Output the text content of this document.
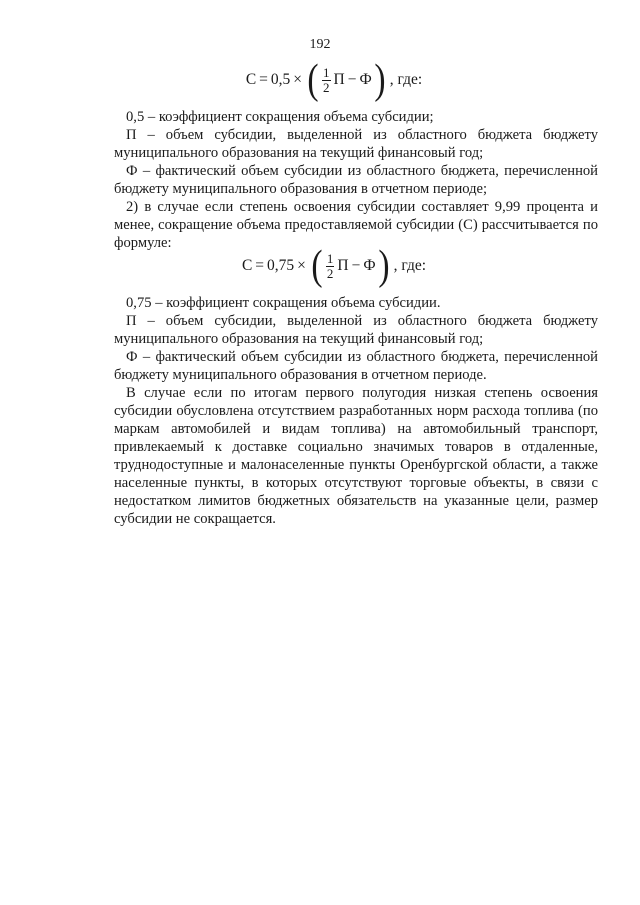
192
C = 0,5 × ( $\frac{1}{2}$ П − Ф ) , где:

0,5 – коэффициент сокращения объема субсидии;

П – объем субсидии, выделенной из областного бюджета бюджету муниципального образования на текущий финансовый год;

Ф – фактический объем субсидии из областного бюджета, перечисленной бюджету муниципального образования в отчетном периоде;

2) в случае если степень освоения субсидии составляет 9,99 процента и менее, сокращение объема предоставляемой субсидии (С) рассчитывается по формуле:

C = 0,75 × ( $\frac{1}{2}$ П − Ф ) , где:

0,75 – коэффициент сокращения объема субсидии.

П – объем субсидии, выделенной из областного бюджета бюджету муниципального образования на текущий финансовый год;

Ф – фактический объем субсидии из областного бюджета, перечисленной бюджету муниципального образования в отчетном периоде.

В случае если по итогам первого полугодия низкая степень освоения субсидии обусловлена отсутствием разработанных норм расхода топлива (по маркам автомобилей и видам топлива) на автомобильный транспорт, привлекаемый к доставке социально значимых товаров в отдаленные, труднодоступные и малонаселенные пункты Оренбургской области, а также населенные пункты, в которых отсутствуют торговые объекты, в связи с недостатком лимитов бюджетных обязательств на указанные цели, размер субсидии не сокращается.
